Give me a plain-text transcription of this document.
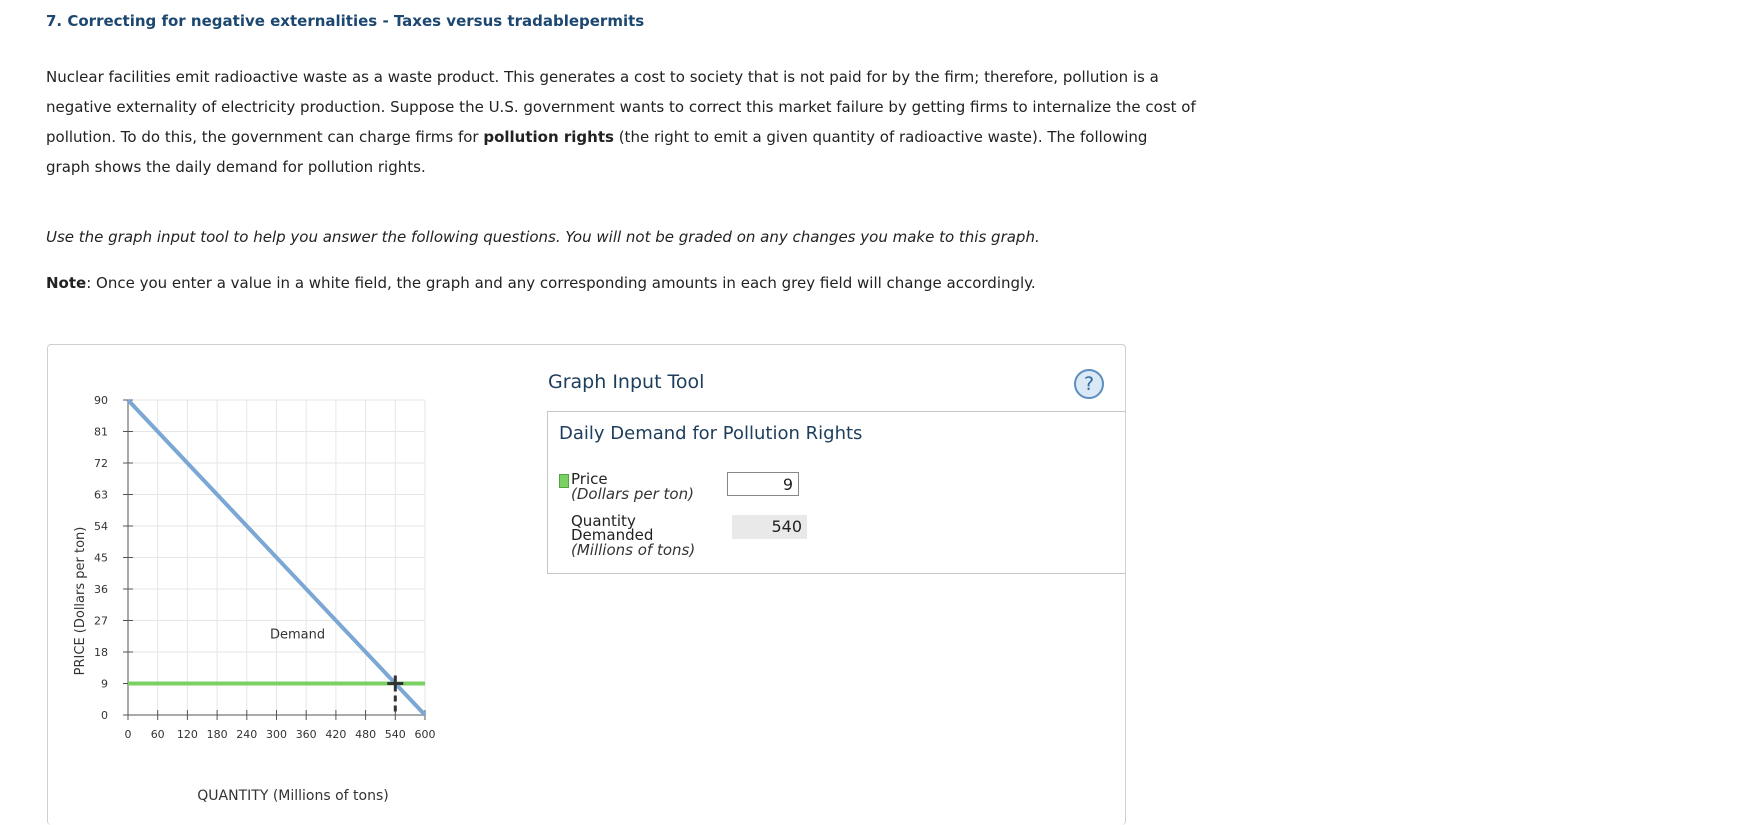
7. Correcting for negative externalities - Taxes versus tradablepermits
Nuclear facilities emit radioactive waste as a waste product. This generates a cost to society that is not paid for by the firm; therefore, pollution is a negative externality of electricity production. Suppose the U.S. government wants to correct this market failure by getting firms to internalize the cost of pollution. To do this, the government can charge firms for pollution rights (the right to emit a given quantity of radioactive waste). The following graph shows the daily demand for pollution rights.
Use the graph input tool to help you answer the following questions. You will not be graded on any changes you make to this graph.
Note: Once you enter a value in a white field, the graph and any corresponding amounts in each grey field will change accordingly.
0 60 120 180 240 300 360 420 480 540 600
0
9
18
27
36
45
54
63
72
81
90
Demand
QUANTITY (Millions of tons)
PRICE (Dollars per ton)
Graph Input Tool	?
Daily Demand for Pollution Rights
Price
(Dollars per ton)
9
Quantity
Demanded
(Millions of tons)
540
